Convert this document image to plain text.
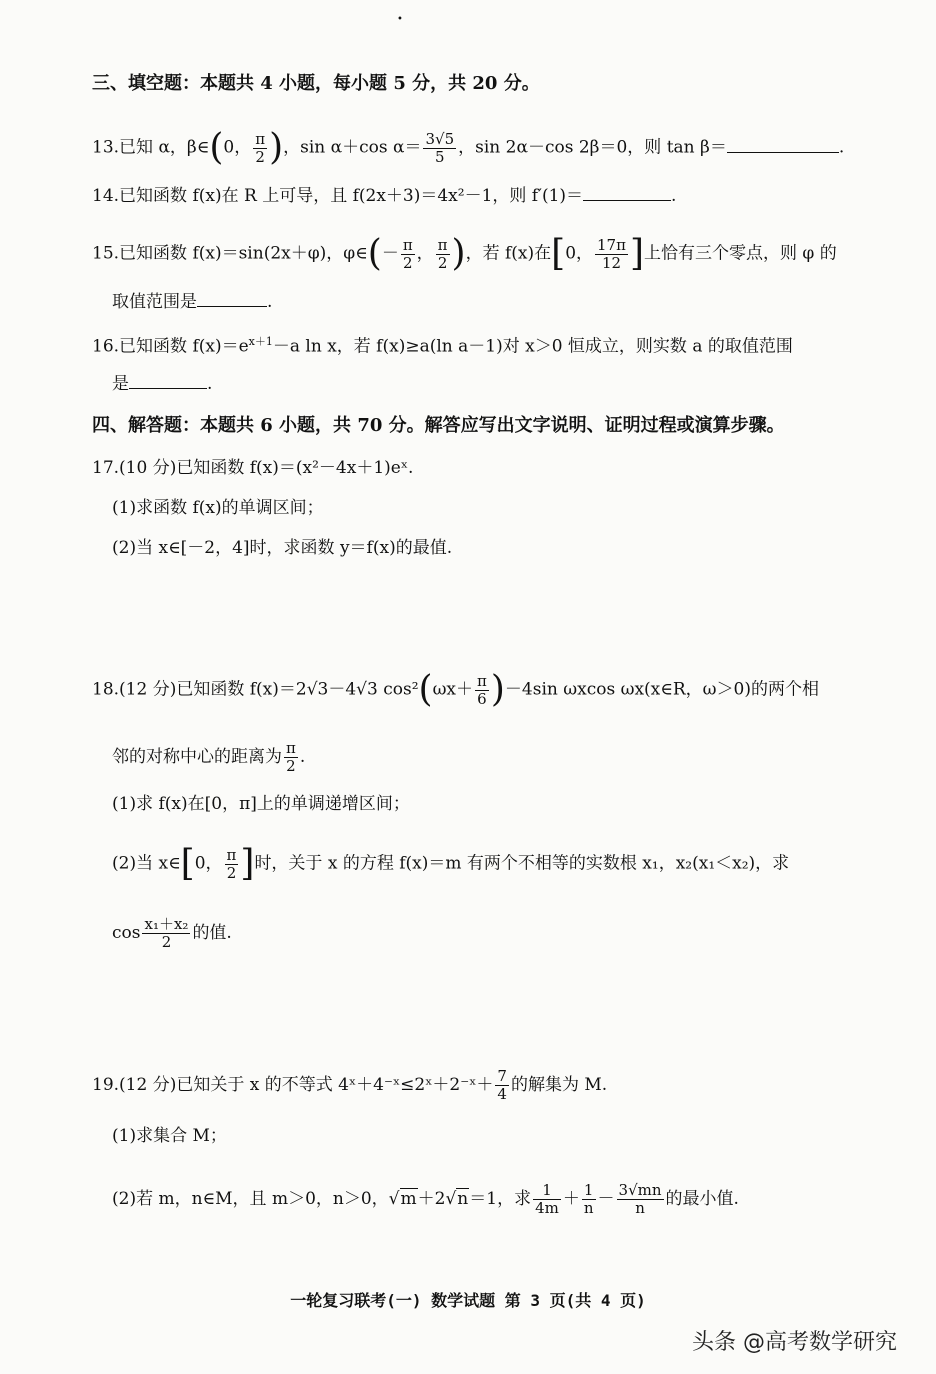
•
三、填空题：本题共 4 小题，每小题 5 分，共 20 分。
13.已知 α，β∈(0， $\frac{\pi}{2}$ )，sin α＋cos $\alpha= \frac{3√5}{5}$ ，sin 2α－cos 2β＝0，则 tan β＝	.
14.已知函数 f(x)在 R 上可导，且 f(2x＋3)＝4x²－1，则 f′(1)＝	.
15.已知函数 f(x)＝sin(2x＋φ)，φ∈(－ $\frac{\pi}{2}$ ， $\frac{\pi}{2}$ )，若 f(x)在[0， $\frac{17\pi}{12}$ ]上恰有三个零点，则 φ 的
取值范围是	.
16.已知函数 $f(x)=e^{x+1}-a$ ln x，若 f(x)≥a(ln a－1)对 x＞0 恒成立，则实数 a 的取值范围
是	.
四、解答题：本题共 6 小题，共 70 分。解答应写出文字说明、证明过程或演算步骤。
17.(10 分)已知函数 f(x)＝(x²－4x＋1)eˣ.
(1)求函数 f(x)的单调区间；
(2)当 x∈[－2，4]时，求函数 y＝f(x)的最值.
18.(12 分)已知函数 f(x)＝2√3－4√3 $\cos^2(\omega x+ \frac{\pi}{6} )-4\sin$ ωxcos ωx(x∈R，ω＞0)的两个相
邻的对称中心的距离为 $\frac{\pi}{2}$ .
(1)求 f(x)在[0，π]上的单调递增区间；
(2)当 x∈[0， $\frac{\pi}{2}$ ]时，关于 x 的方程 f(x)＝m 有两个不相等的实数根 x₁，x₂(x₁＜x₂)，求
$\cos \frac{\text{x₁＋x₂}}{2}$ 的值.
19.(12 分)已知关于 x 的不等式 4ˣ＋4⁻ˣ≤2ˣ＋2⁻ˣ＋ $\frac{7}{4}$ 的解集为 M.
(1)求集合 M；
(2)若 m，n∈M，且 m＞0，n＞0，√m＋2√n＝1，求 $\frac{1}{4m} + \frac{1}{n} - \frac{3√mn}{n}$ 的最小值.
一轮复习联考(一) 数学试题 第 3 页(共 4 页)
头条 @高考数学研究
